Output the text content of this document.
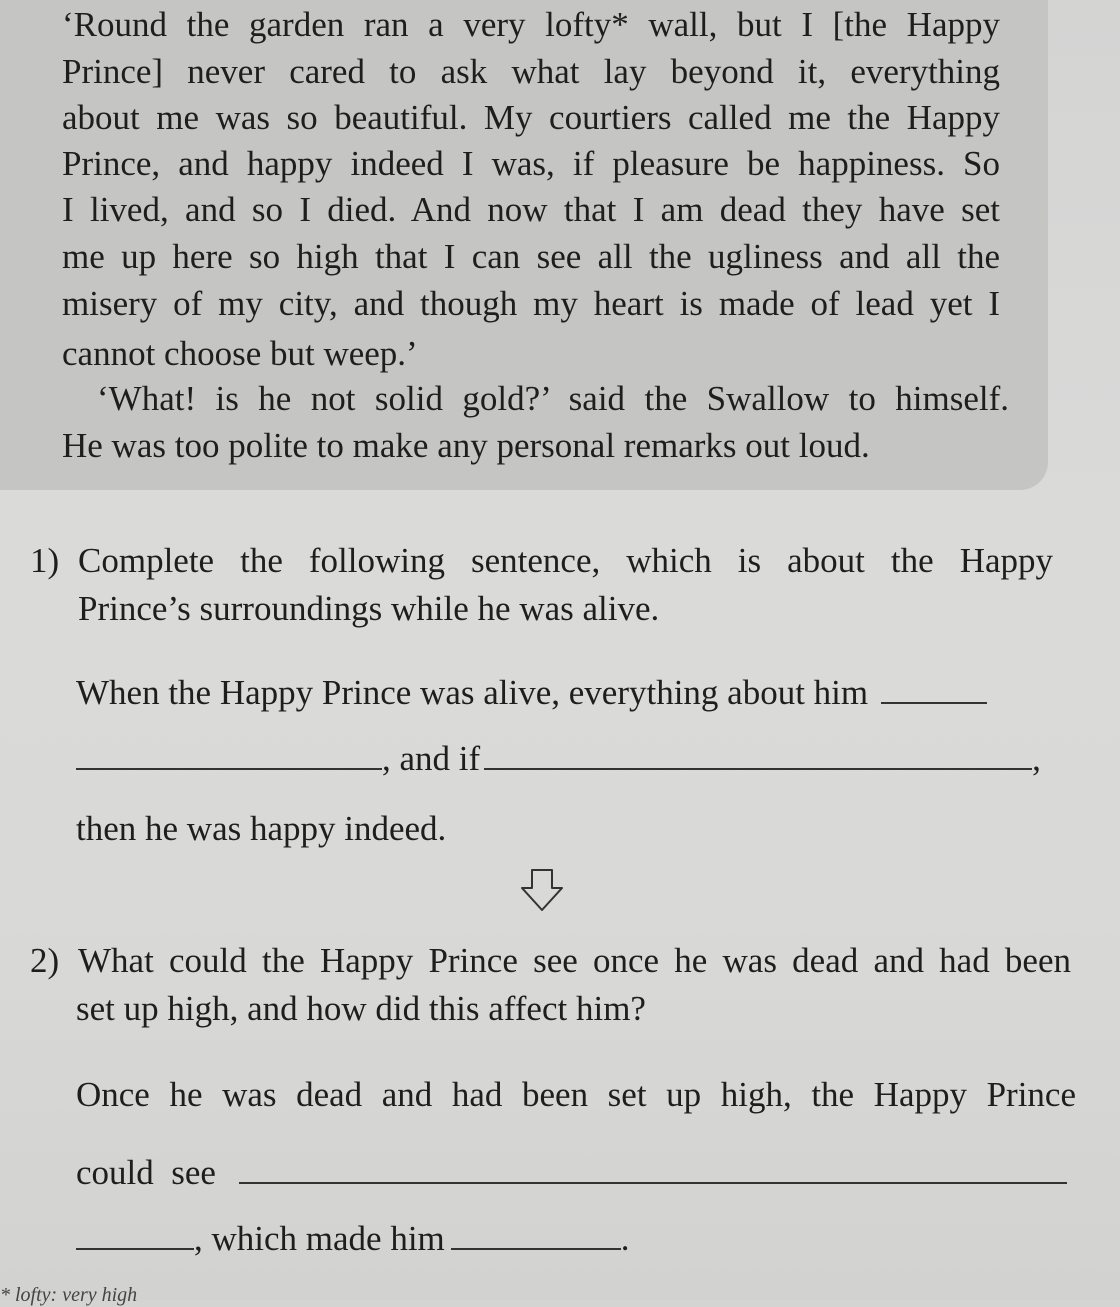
‘Round the garden ran a very lofty* wall, but I [the Happy
Prince] never cared to ask what lay beyond it, everything
about me was so beautiful. My courtiers called me the Happy
Prince, and happy indeed I was, if pleasure be happiness. So
I lived, and so I died. And now that I am dead they have set
me up here so high that I can see all the ugliness and all the
misery of my city, and though my heart is made of lead yet I
cannot choose but weep.’
‘What! is he not solid gold?’ said the Swallow to himself.
He was too polite to make any personal remarks out loud.
1) Complete the following sentence, which is about the Happy
Prince’s surroundings while he was alive.
When the Happy Prince was alive, everything about him
, and if	,
then he was happy indeed.
2) What could the Happy Prince see once he was dead and had been
set up high, and how did this affect him?
Once he was dead and had been set up high, the Happy Prince
could  see
, which made him	.
* lofty: very high
